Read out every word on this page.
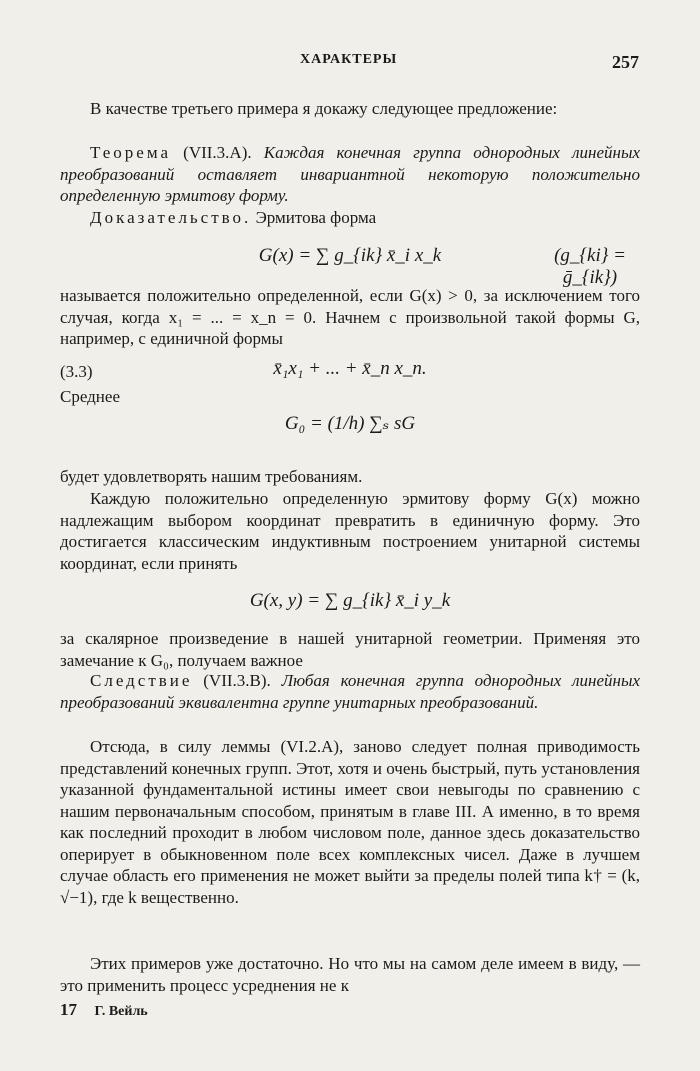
ХАРАКТЕРЫ	257
В качестве третьего примера я докажу следующее предложение:
Теорема (VII.3.A). Каждая конечная группа однородных линейных преобразований оставляет инвариантной некоторую положительно определенную эрмитову форму.
Доказательство. Эрмитова форма
G(x) = ∑ g_{ik} x̄_i x_k	(g_{ki} = ḡ_{ik})
называется положительно определенной, если G(x) > 0, за исключением того случая, когда x₁ = ... = x_n = 0. Начнем с произвольной такой формы G, например, с единичной формы
(3.3)	x̄₁x₁ + ... + x̄_n x_n.
Среднее
G₀ = (1/h) ∑ₛ sG
будет удовлетворять нашим требованиям.
Каждую положительно определенную эрмитову форму G(x) можно надлежащим выбором координат превратить в единичную форму. Это достигается классическим индуктивным построением унитарной системы координат, если принять
G(x, y) = ∑ g_{ik} x̄_i y_k
за скалярное произведение в нашей унитарной геометрии. Применяя это замечание к G₀, получаем важное
Следствие (VII.3.B). Любая конечная группа однородных линейных преобразований эквивалентна группе унитарных преобразований.
Отсюда, в силу леммы (VI.2.A), заново следует полная приводимость представлений конечных групп. Этот, хотя и очень быстрый, путь установления указанной фундаментальной истины имеет свои невыгоды по сравнению с нашим первоначальным способом, принятым в главе III. А именно, в то время как последний проходит в любом числовом поле, данное здесь доказательство оперирует в обыкновенном поле всех комплексных чисел. Даже в лучшем случае область его применения не может выйти за пределы полей типа k† = (k, √−1), где k вещественно.
Этих примеров уже достаточно. Но что мы на самом деле имеем в виду, — это применить процесс усреднения не к
17 Г. Вейль
